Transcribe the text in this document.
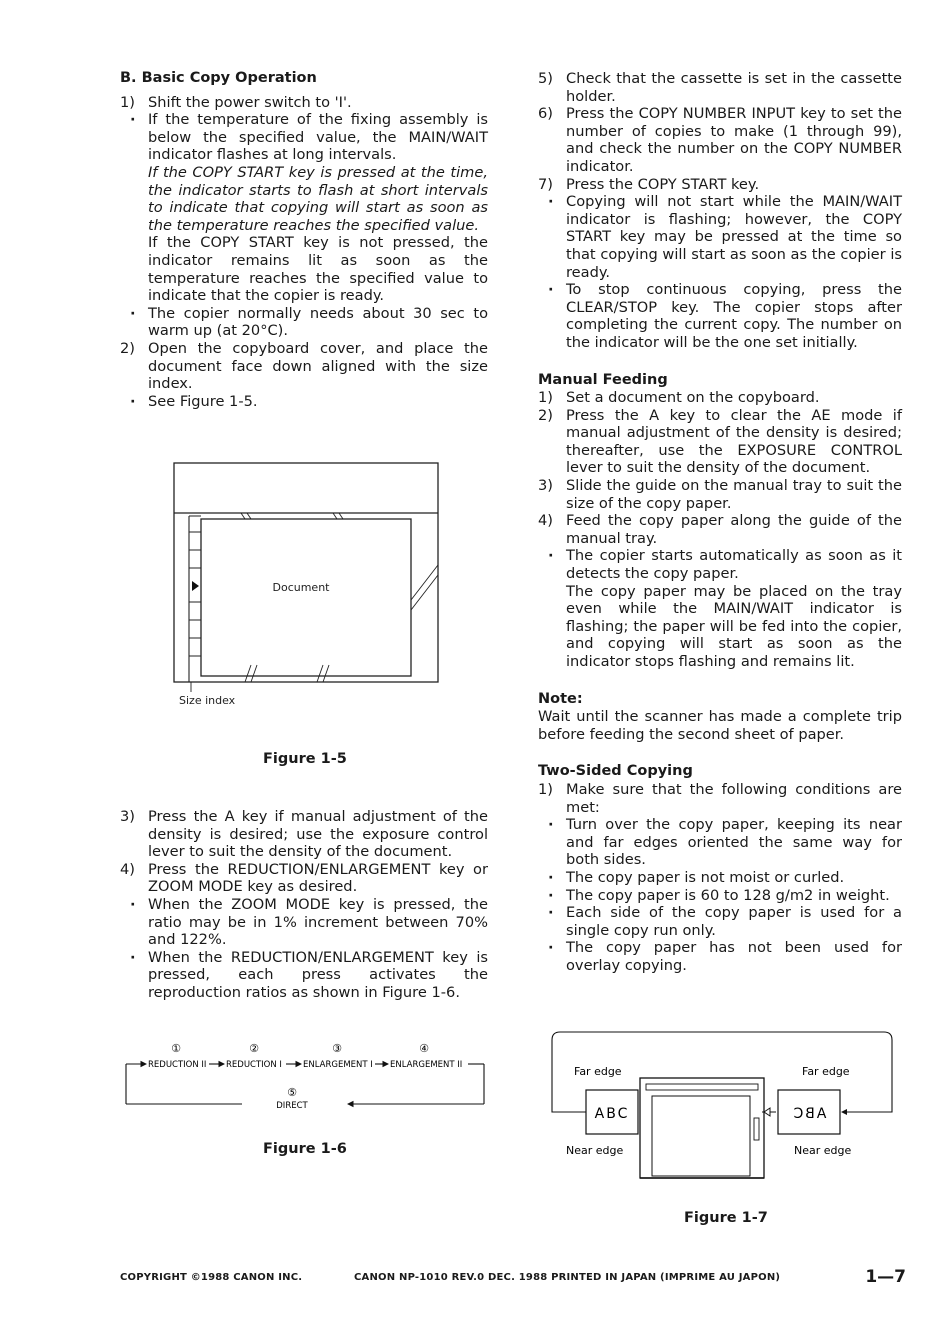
B. Basic Copy Operation
1) Shift the power switch to 'I'.
· If the temperature of the fixing assembly is below the specified value, the MAIN/WAIT indicator flashes at long intervals.
If the COPY START key is pressed at the time, the indicator starts to flash at short intervals to indicate that copying will start as soon as the temperature reaches the specified value.
If the COPY START key is not pressed, the indicator remains lit as soon as the temperature reaches the specified value to indicate that the copier is ready.
· The copier normally needs about 30 sec to warm up (at 20°C).
2) Open the copyboard cover, and place the document face down aligned with the size index.
· See Figure 1-5.
Document
Size index
Figure 1-5
3) Press the A key if manual adjustment of the density is desired; use the exposure control lever to suit the density of the document.
4) Press the REDUCTION/ENLARGEMENT key or ZOOM MODE key as desired.
· When the ZOOM MODE key is pressed, the ratio may be in 1% increment between 70% and 122%.
· When the REDUCTION/ENLARGEMENT key is pressed, each press activates the reproduction ratios as shown in Figure 1-6.
①	②	③	④
REDUCTION II REDUCTION I ENLARGEMENT I ENLARGEMENT II
⑤
DIRECT
Figure 1-6
5) Check that the cassette is set in the cassette holder.
6) Press the COPY NUMBER INPUT key to set the number of copies to make (1 through 99), and check the number on the COPY NUMBER indicator.
7) Press the COPY START key.
· Copying will not start while the MAIN/WAIT indicator is flashing; however, the COPY START key may be pressed at the time so that copying will start as soon as the copier is ready.
· To stop continuous copying, press the CLEAR/STOP key. The copier stops after completing the current copy. The number on the indicator will be the one set initially.
Manual Feeding
1) Set a document on the copyboard.
2) Press the A key to clear the AE mode if manual adjustment of the density is desired; thereafter, use the EXPOSURE CONTROL lever to suit the density of the document.
3) Slide the guide on the manual tray to suit the size of the copy paper.
4) Feed the copy paper along the guide of the manual tray.
· The copier starts automatically as soon as it detects the copy paper.
The copy paper may be placed on the tray even while the MAIN/WAIT indicator is flashing; the paper will be fed into the copier, and copying will start as soon as the indicator stops flashing and remains lit.
Note:
Wait until the scanner has made a complete trip before feeding the second sheet of paper.
Two-Sided Copying
1) Make sure that the following conditions are met:
· Turn over the copy paper, keeping its near and far edges oriented the same way for both sides.
· The copy paper is not moist or curled.
· The copy paper is 60 to 128 g/m2 in weight.
· Each side of the copy paper is used for a single copy run only.
· The copy paper has not been used for overlay copying.
Far edge	Far edge
ABC	ABC
Near edge	Near edge
Figure 1-7
COPYRIGHT ©1988 CANON INC.	CANON NP-1010 REV.0 DEC. 1988 PRINTED IN JAPAN (IMPRIME AU JAPON)	1—7
